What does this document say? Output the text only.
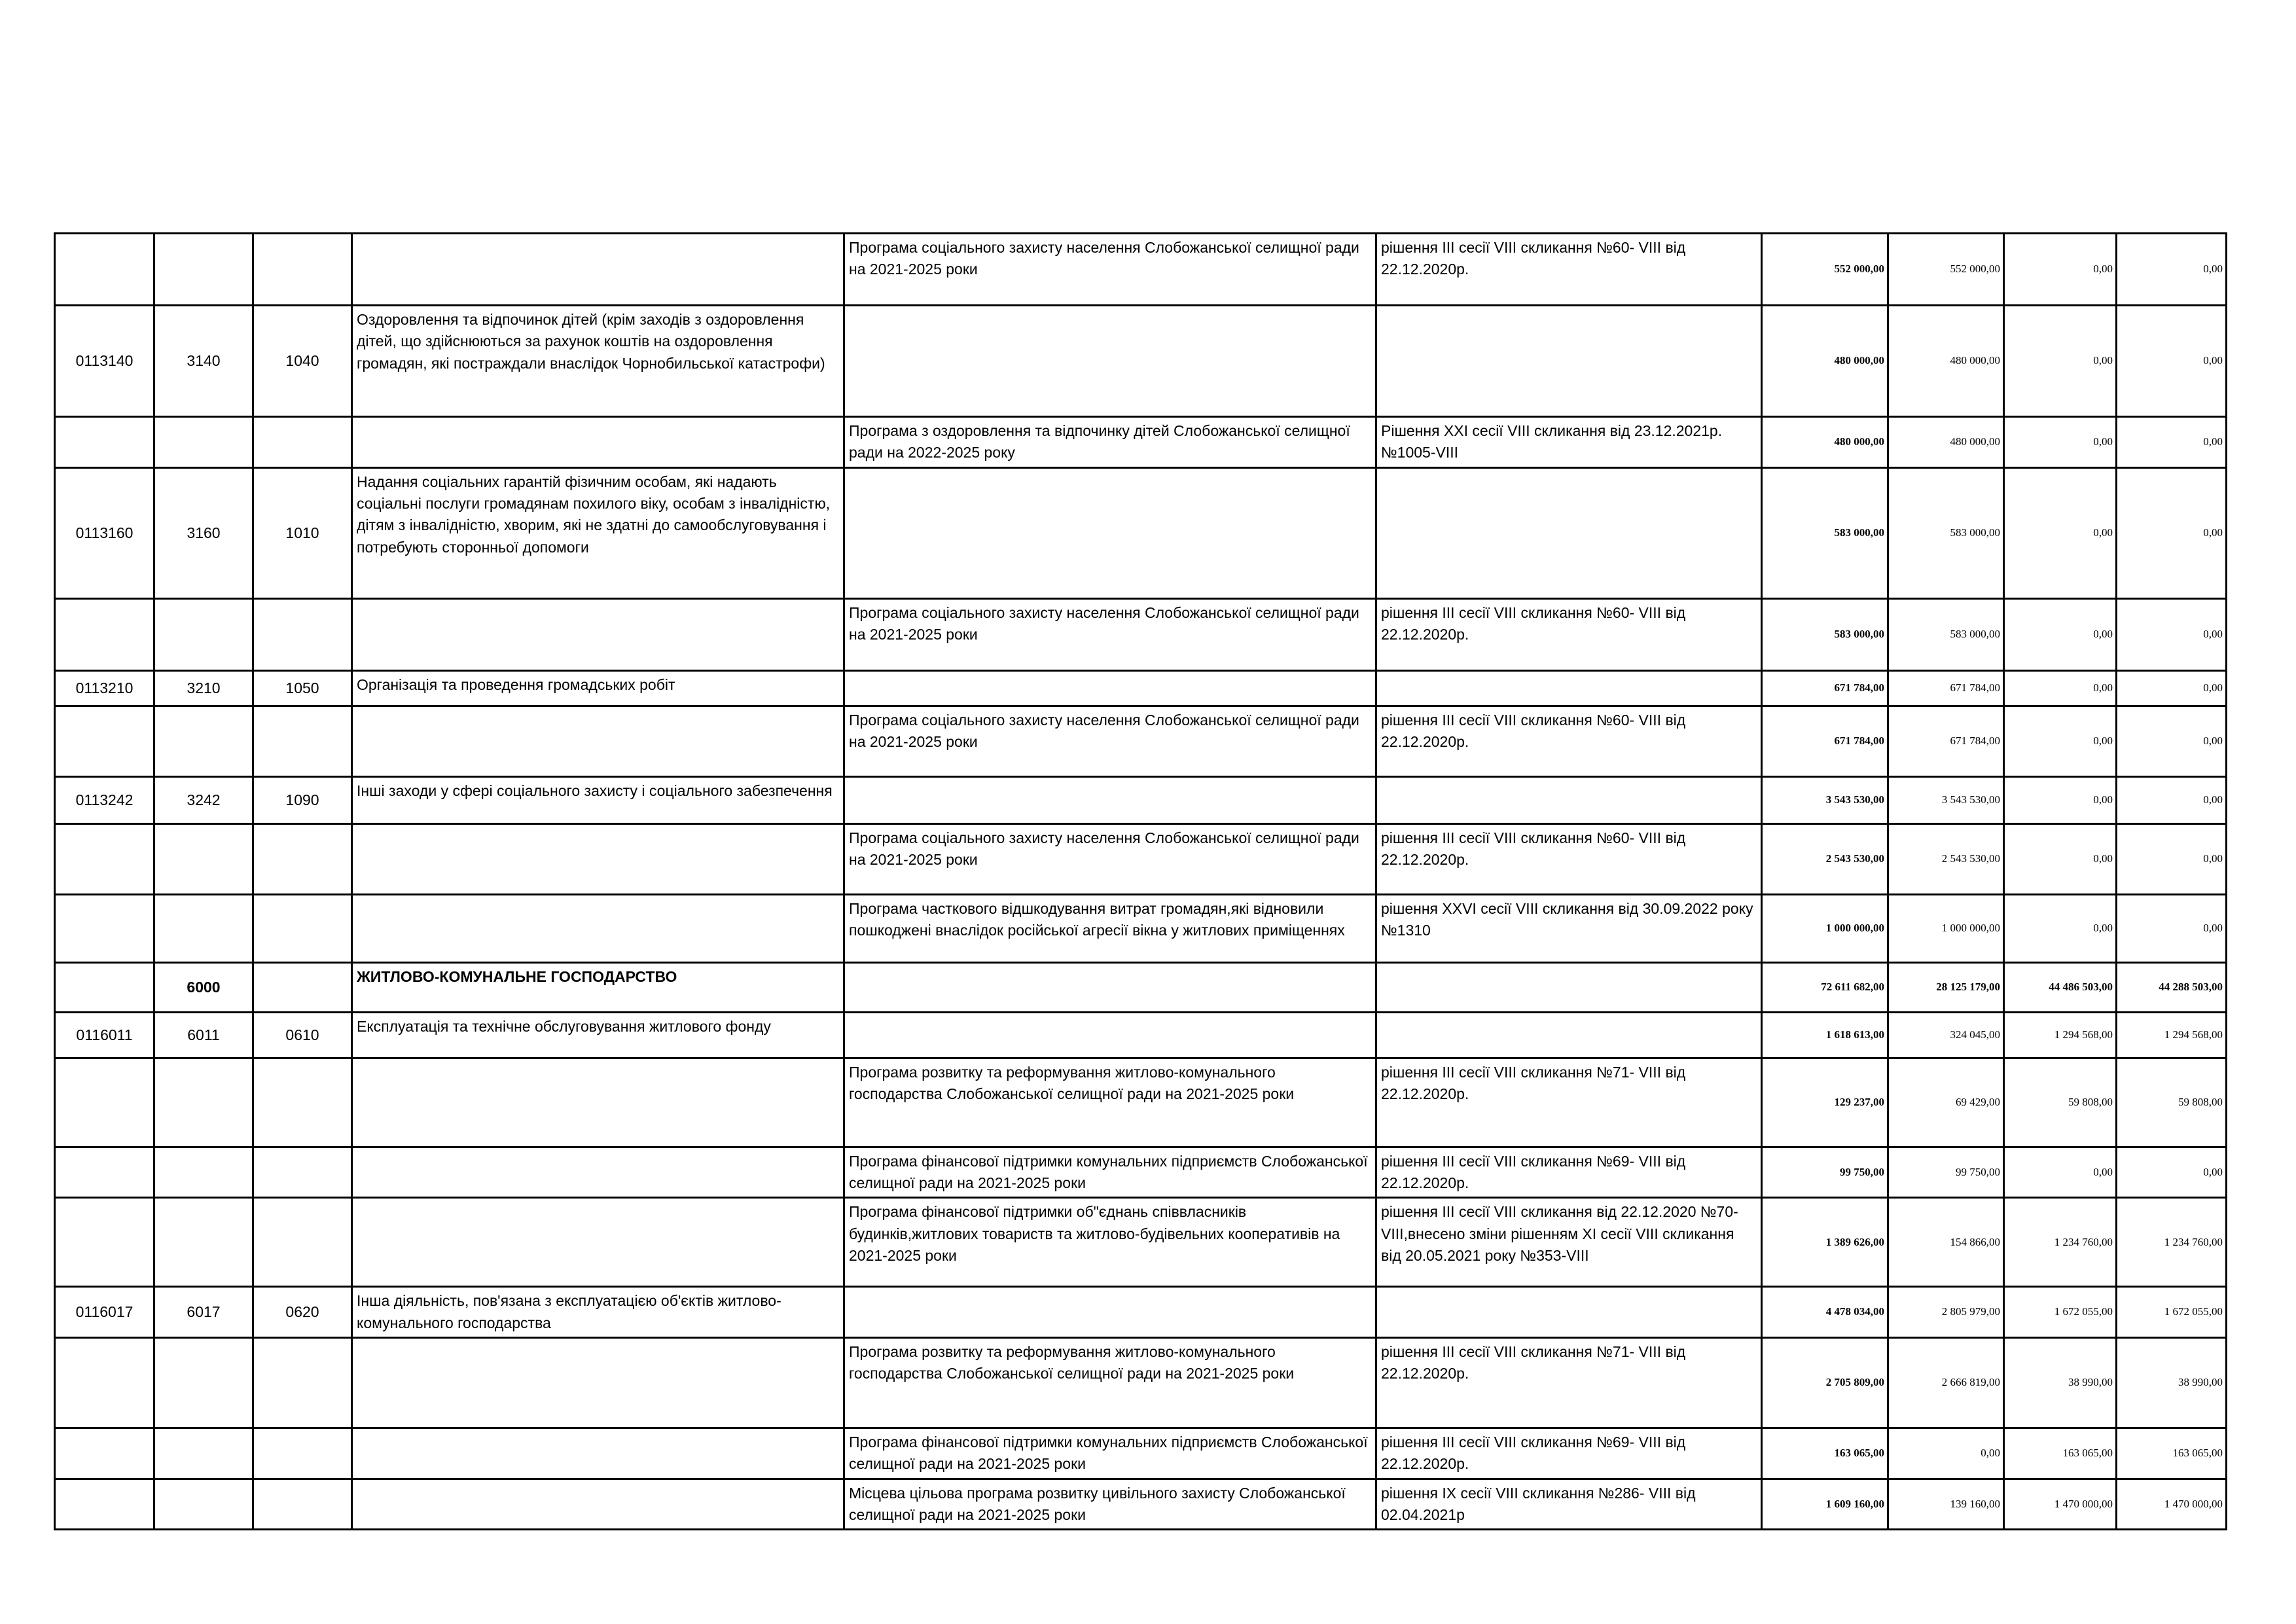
				Програма соціального захисту населення Слобожанської селищної ради на 2021-2025 роки	рішення ІІІ сесії VIII скликання №60- VIII від 22.12.2020р.	552 000,00	552 000,00	0,00	0,00
0113140	3140	1040	Оздоровлення та відпочинок дітей (крім заходів з оздоровлення дітей, що здійснюються за рахунок коштів на оздоровлення громадян, які постраждали внаслідок Чорнобильської катастрофи)			480 000,00	480 000,00	0,00	0,00
				Програма з оздоровлення та відпочинку дітей Слобожанської селищної ради на 2022-2025 року	Рішення ХХІ сесії VIII скликання від 23.12.2021р. №1005-VIII	480 000,00	480 000,00	0,00	0,00
0113160	3160	1010	Надання соціальних гарантій фізичним особам, які надають соціальні послуги громадянам похилого віку, особам з інвалідністю, дітям з інвалідністю, хворим, які не здатні до самообслуговування і потребують сторонньої допомоги			583 000,00	583 000,00	0,00	0,00
				Програма соціального захисту населення Слобожанської селищної ради на 2021-2025 роки	рішення ІІІ сесії VIII скликання №60- VIII від 22.12.2020р.	583 000,00	583 000,00	0,00	0,00
0113210	3210	1050	Організація та проведення громадських робіт			671 784,00	671 784,00	0,00	0,00
				Програма соціального захисту населення Слобожанської селищної ради на 2021-2025 роки	рішення ІІІ сесії VIII скликання №60- VIII від 22.12.2020р.	671 784,00	671 784,00	0,00	0,00
0113242	3242	1090	Інші заходи у сфері соціального захисту і соціального забезпечення			3 543 530,00	3 543 530,00	0,00	0,00
				Програма соціального захисту населення Слобожанської селищної ради на 2021-2025 роки	рішення ІІІ сесії VIII скликання №60- VIII від 22.12.2020р.	2 543 530,00	2 543 530,00	0,00	0,00
				Програма часткового відшкодування витрат громадян,які відновили пошкоджені внаслідок російської агресії вікна у житлових приміщеннях	рішення ХХVІ сесії VIII скликання від 30.09.2022 року №1310	1 000 000,00	1 000 000,00	0,00	0,00
	6000		ЖИТЛОВО-КОМУНАЛЬНЕ ГОСПОДАРСТВО			72 611 682,00	28 125 179,00	44 486 503,00	44 288 503,00
0116011	6011	0610	Експлуатація та технічне обслуговування житлового фонду			1 618 613,00	324 045,00	1 294 568,00	1 294 568,00
				Програма розвитку та реформування житлово-комунального господарства Слобожанської селищної ради на 2021-2025 роки	рішення ІІІ сесії VIII скликання №71- VIII від 22.12.2020р.	129 237,00	69 429,00	59 808,00	59 808,00
				Програма фінансової підтримки комунальних підприємств Слобожанської селищної ради на 2021-2025 роки	рішення ІІІ сесії VIII скликання №69- VIII від 22.12.2020р.	99 750,00	99 750,00	0,00	0,00
				Програма фінансової підтримки об"єднань співвласників будинків,житлових товариств та житлово-будівельних кооперативів на 2021-2025 роки	рішення ІІІ сесії VIII скликання від 22.12.2020 №70-VIII,внесено зміни рішенням ХІ сесії VIII скликання від 20.05.2021 року №353-VIII	1 389 626,00	154 866,00	1 234 760,00	1 234 760,00
0116017	6017	0620	Інша діяльність, пов'язана з експлуатацією об'єктів житлово-комунального господарства			4 478 034,00	2 805 979,00	1 672 055,00	1 672 055,00
				Програма розвитку та реформування житлово-комунального господарства Слобожанської селищної ради на 2021-2025 роки	рішення ІІІ сесії VIII скликання №71- VIII від 22.12.2020р.	2 705 809,00	2 666 819,00	38 990,00	38 990,00
				Програма фінансової підтримки комунальних підприємств Слобожанської селищної ради на 2021-2025 роки	рішення ІІІ сесії VIII скликання №69- VIII від 22.12.2020р.	163 065,00	0,00	163 065,00	163 065,00
				Місцева цільова програма розвитку цивільного захисту Слобожанської селищної ради на 2021-2025 роки	рішення ІХ сесії VIII скликання №286- VIII від 02.04.2021р	1 609 160,00	139 160,00	1 470 000,00	1 470 000,00
